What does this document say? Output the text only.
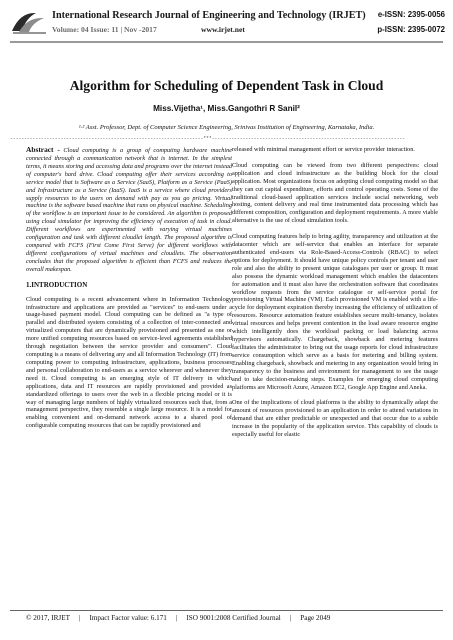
International Research Journal of Engineering and Technology (IRJET)
Volume: 04 Issue: 11 | Nov -2017	www.irjet.net
e-ISSN: 2395-0056
p-ISSN: 2395-0072
Algorithm for Scheduling of Dependent Task in Cloud
Miss.Vijetha¹, Miss.Gangothri R Sanil²
¹·² Asst. Professor, Dept. of Computer Science Engineering, Srinivas Institution of Engineering, Karnataka, India.
---------------------------------------------------------------------***---------------------------------------------------------------------

Abstract - Cloud computing is a group of computing hardware machine connected through a communication network that is internet. In the simplest terms, it means storing and accessing data and programs over the internet instead of computer's hard drive. Cloud computing offer their services according to service model that is Software as a Service (SaaS), Platform as a Service (PaaS) and Infrastructure as a Service (IaaS). IaaS is a service where cloud providers supply resources to the users on demand with pay as you go pricing. Virtual machine is the software based machine that runs on physical machine. Scheduling of the workflow is an important issue to be considered. An algorithm is proposed using cloud simulator for improving the efficiency of execution of task in cloud. Different workflows are experimented with varying virtual machines configuration and task with different cloudlet length. The proposed algorithm is compared with FCFS (First Come First Serve) for different workflows with different configurations of virtual machines and cloudlets. The observation concludes that the proposed algorithm is efficient than FCFS and reduces the overall makespan.

1.INTRODUCTION

Cloud computing is a recent advancement where in Information Technology infrastructure and applications are provided as "services" to end-users under a usage-based payment model. Cloud computing can be defined as "a type of parallel and distributed system consisting of a collection of inter-connected and virtualized computers that are dynamically provisioned and presented as one or more unified computing resources based on service-level agreements established through negotiation between the service provider and consumers". Cloud computing is a means of delivering any and all Information Technology (IT) from computing power to computing infrastructure, applications, business processes and personal collaboration to end-users as a service wherever and whenever they need it. Cloud computing is an emerging style of IT delivery in which applications, data and IT resources are rapidly provisioned and provided as standardized offerings to users over the web in a flexible pricing model or it is way of managing large numbers of highly virtualized resources such that, from a management perspective, they resemble a single large resource. It is a model for enabling convenient and on-demand network access to a shared pool of configurable computing resources that can be rapidly provisioned and

released with minimal management effort or service provider interaction.

Cloud computing can be viewed from two different perspectives: cloud application and cloud infrastructure as the building block for the cloud application. Most organizations focus on adopting cloud computing model so that they can cut capital expenditure, efforts and control operating costs. Some of the traditional cloud-based application services include social networking, web hosting, content delivery and real time instrumented data processing which has different composition, configuration and deployment requirements. A more viable alternative is the use of cloud simulation tools.

Cloud computing features help to bring agility, transparency and utilization at the datacenter which are self-service that enables an interface for separate authenticated end-users via Role-Based-Access-Controls (RBAC) to select options for deployment. It should have unique policy controls per tenant and user role and also the ability to present unique catalogues per user or group. It must also possess the dynamic workload management which enables the datacenters for automation and it must also have the orchestration software that coordinates workflow requests from the service catalogue or self-service portal for provisioning Virtual Machine (VM). Each provisioned VM is enabled with a life-cycle for deployment expiration thereby increasing the efficiency of utilization of resources. Resource automation feature establishes secure multi-tenancy, isolates virtual resources and helps prevent contention in the load aware resource engine which intelligently does the workload packing or load balancing across hypervisors automatically. Chargeback, showback and metering features facilitates the administrator to bring out the usage reports for cloud infrastructure service consumption which serve as a basis for metering and billing system. Enabling chargeback, showback and metering in any organization would bring in transparency to the business and environment for management to see the usage and to take decision-making steps. Examples for emerging cloud computing platforms are Microsoft Azure, Amazon EC2, Google App Engine and Aneka.

One of the implications of cloud platforms is the ability to dynamically adapt the amount of resources provisioned to an application in order to attend variations in demand that are either predictable or unexpected and that occur due to a subtle increase in the popularity of the application service. This capability of clouds is especially useful for elastic

© 2017, IRJET | Impact Factor value: 6.171 | ISO 9001:2008 Certified Journal | Page 2049
